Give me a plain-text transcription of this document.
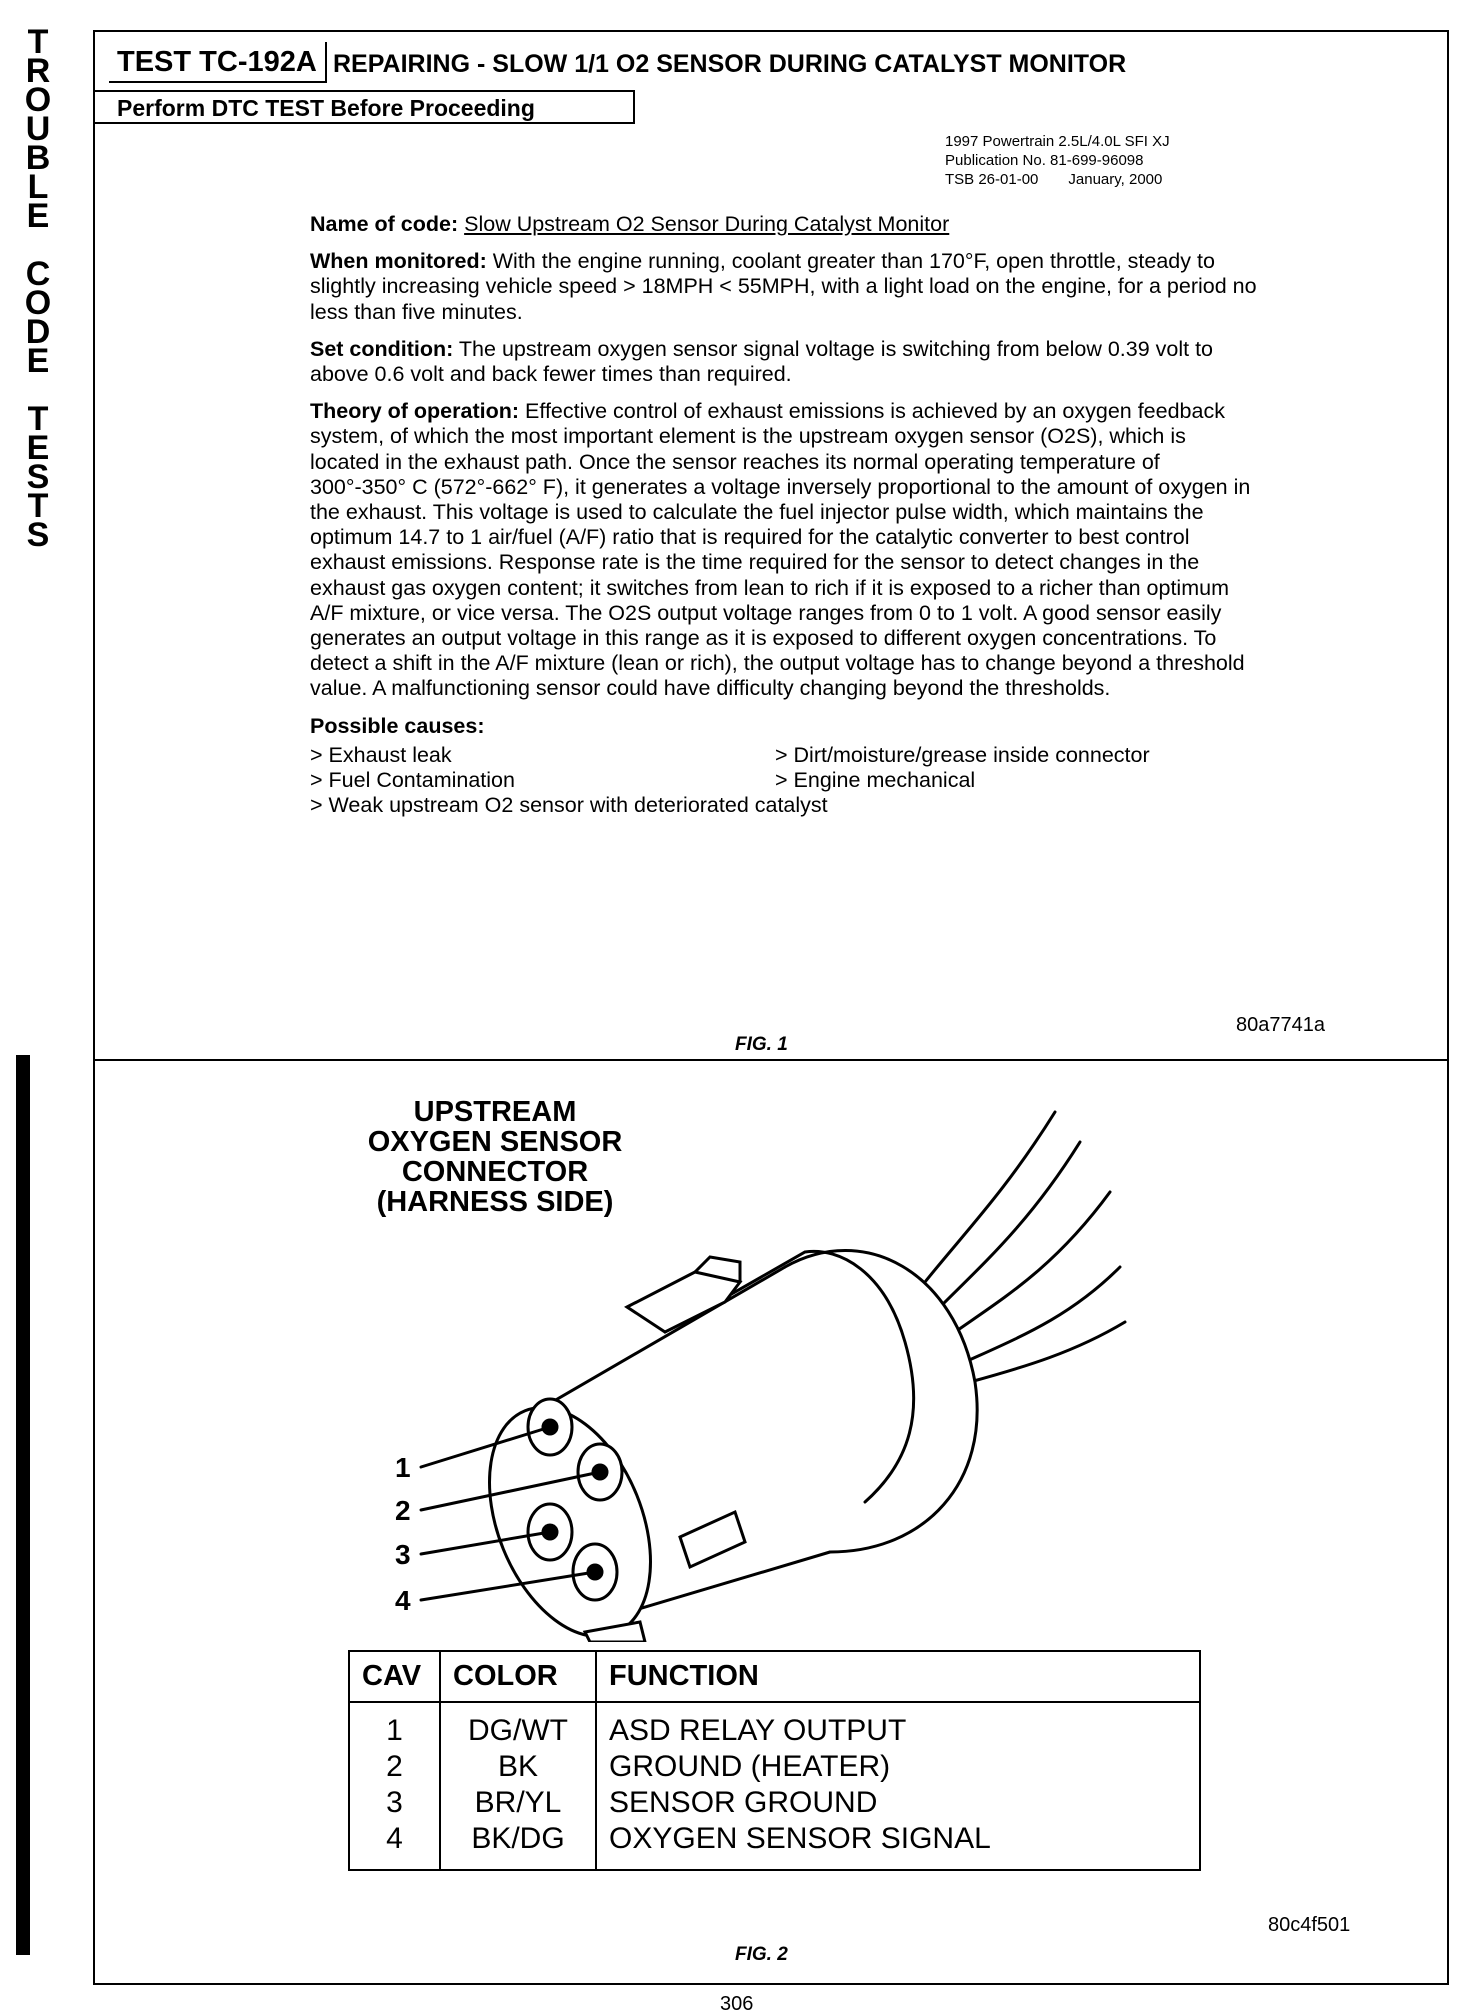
T
R
O
U
B
L
E
C
O
D
E
T
E
S
T
S
TEST TC-192A REPAIRING - SLOW 1/1 O2 SENSOR DURING CATALYST MONITOR
Perform DTC TEST Before Proceeding
1997 Powertrain 2.5L/4.0L SFI XJ
Publication No. 81-699-96098
TSB 26-01-00 January, 2000

Name of code: Slow Upstream O2 Sensor During Catalyst Monitor

When monitored: With the engine running, coolant greater than 170°F, open throttle, steady to slightly increasing vehicle speed > 18MPH < 55MPH, with a light load on the engine, for a period no less than five minutes.

Set condition: The upstream oxygen sensor signal voltage is switching from below 0.39 volt to above 0.6 volt and back fewer times than required.

Theory of operation: Effective control of exhaust emissions is achieved by an oxygen feedback system, of which the most important element is the upstream oxygen sensor (O2S), which is located in the exhaust path. Once the sensor reaches its normal operating temperature of 300°-350° C (572°-662° F), it generates a voltage inversely proportional to the amount of oxygen in the exhaust. This voltage is used to calculate the fuel injector pulse width, which maintains the optimum 14.7 to 1 air/fuel (A/F) ratio that is required for the catalytic converter to best control exhaust emissions. Response rate is the time required for the sensor to detect changes in the exhaust gas oxygen content; it switches from lean to rich if it is exposed to a richer than optimum A/F mixture, or vice versa. The O2S output voltage ranges from 0 to 1 volt. A good sensor easily generates an output voltage in this range as it is exposed to different oxygen concentrations. To detect a shift in the A/F mixture (lean or rich), the output voltage has to change beyond a threshold value. A malfunctioning sensor could have difficulty changing beyond the thresholds.

Possible causes:

> Exhaust leak	> Dirt/moisture/grease inside connector
> Fuel Contamination	> Engine mechanical
> Weak upstream O2 sensor with deteriorated catalyst
80a7741a
FIG. 1
UPSTREAM
OXYGEN SENSOR
CONNECTOR
(HARNESS SIDE)
1
2
3
4
CAV	COLOR	FUNCTION
1	DG/WT	ASD RELAY OUTPUT
2	BK	GROUND (HEATER)
3	BR/YL	SENSOR GROUND
4	BK/DG	OXYGEN SENSOR SIGNAL
80c4f501
FIG. 2
306
